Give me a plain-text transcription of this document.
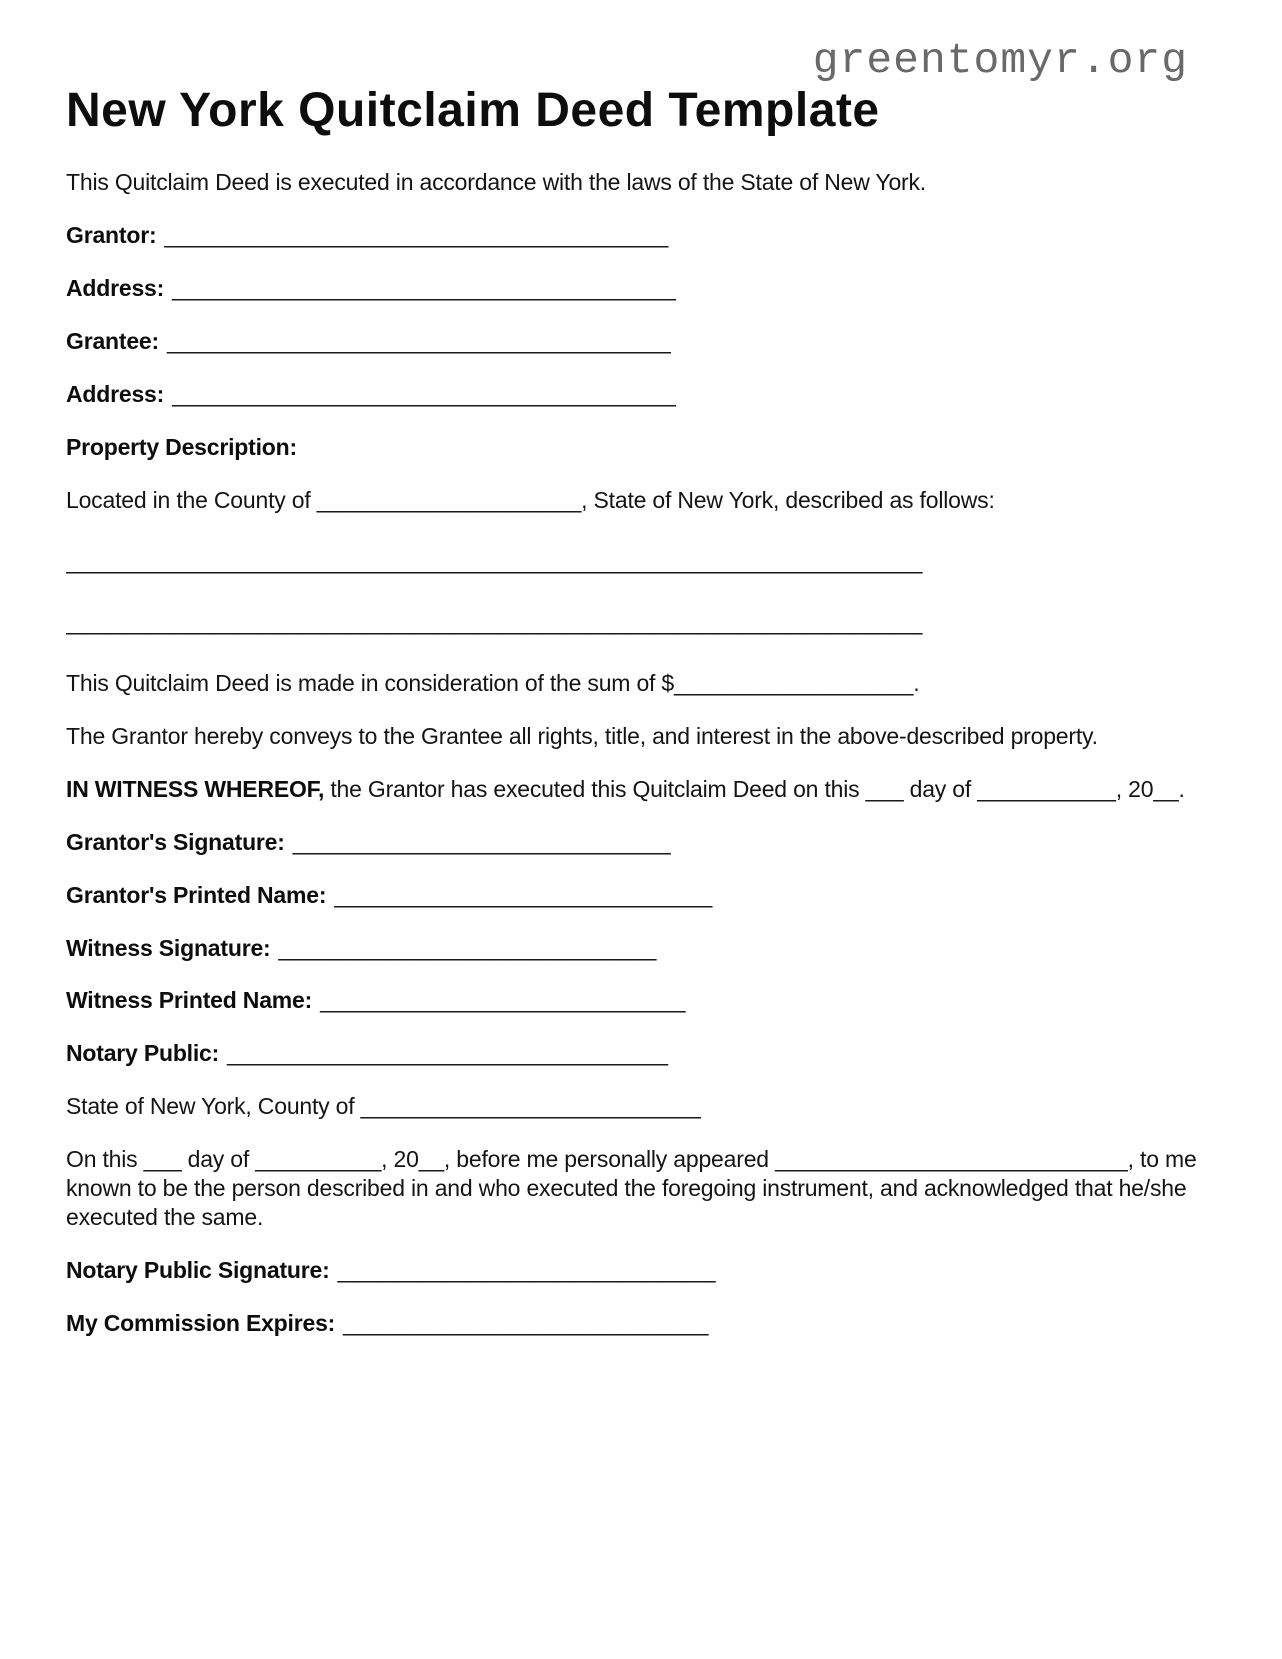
greentomyr.org
New York Quitclaim Deed Template

This Quitclaim Deed is executed in accordance with the laws of the State of New York.

Grantor: ________________________________________

Address: ________________________________________

Grantee: ________________________________________

Address: ________________________________________

Property Description:

Located in the County of _____________________, State of New York, described as follows:

____________________________________________________________________

____________________________________________________________________

This Quitclaim Deed is made in consideration of the sum of $___________________.

The Grantor hereby conveys to the Grantee all rights, title, and interest in the above-described property.

IN WITNESS WHEREOF, the Grantor has executed this Quitclaim Deed on this ___ day of ___________, 20__.

Grantor's Signature: ______________________________

Grantor's Printed Name: ______________________________

Witness Signature: ______________________________

Witness Printed Name: _____________________________

Notary Public: ___________________________________

State of New York, County of ___________________________

On this ___ day of __________, 20__, before me personally appeared ____________________________, to me known to be the person described in and who executed the foregoing instrument, and acknowledged that he/she executed the same.

Notary Public Signature: ______________________________

My Commission Expires: _____________________________
